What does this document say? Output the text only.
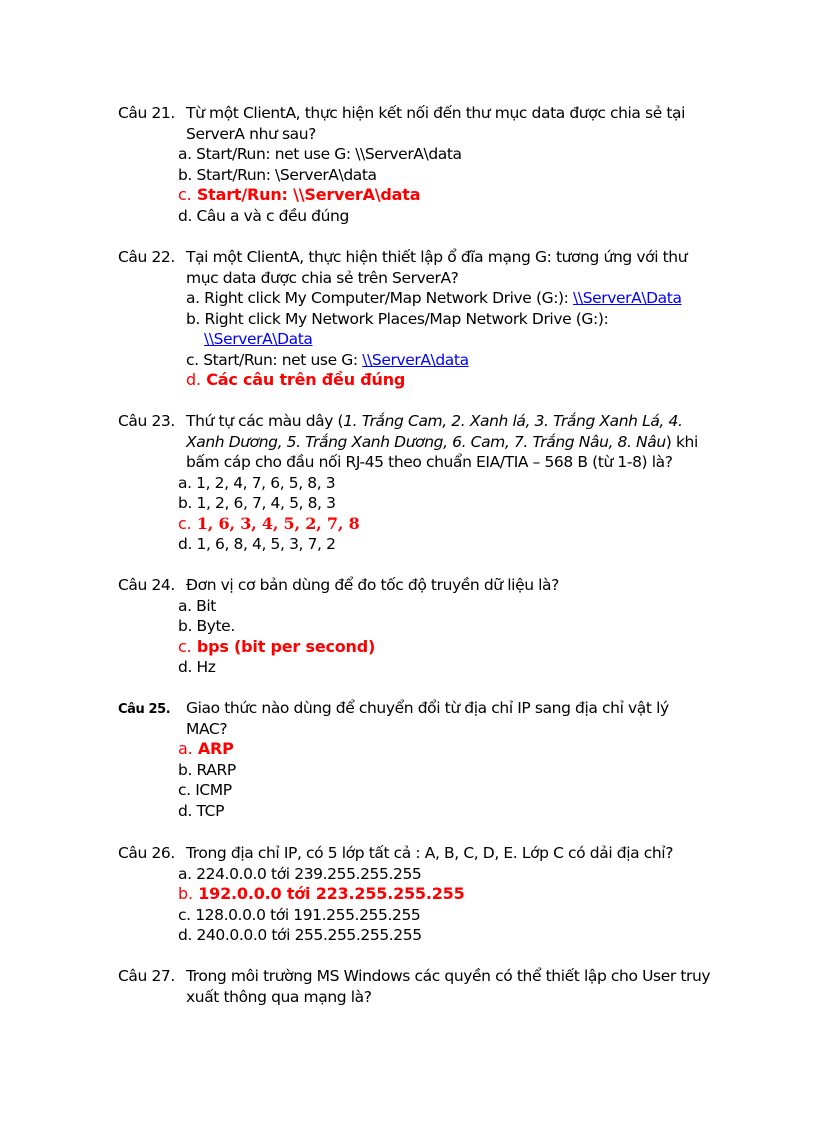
Câu 21. Từ một ClientA, thực hiện kết nối đến thư mục data được chia sẻ tại
ServerA như sau?
a. Start/Run: net use G: \\ServerA\data
b. Start/Run: \ServerA\data
c. Start/Run: \\ServerA\data
d. Câu a và c đều đúng
Câu 22. Tại một ClientA, thực hiện thiết lập ổ đĩa mạng G: tương ứng với thư
mục data được chia sẻ trên ServerA?
a. Right click My Computer/Map Network Drive (G:): \\ServerA\Data
b. Right click My Network Places/Map Network Drive (G:):
\\ServerA\Data
c. Start/Run: net use G: \\ServerA\data
d. Các câu trên đều đúng
Câu 23. Thứ tự các màu dây (1. Trắng Cam, 2. Xanh lá, 3. Trắng Xanh Lá, 4.
Xanh Dương, 5. Trắng Xanh Dương, 6. Cam, 7. Trắng Nâu, 8. Nâu) khi
bấm cáp cho đầu nối RJ-45 theo chuẩn EIA/TIA – 568 B (từ 1-8) là?
a. 1, 2, 4, 7, 6, 5, 8, 3
b. 1, 2, 6, 7, 4, 5, 8, 3
c. 1, 6, 3, 4, 5, 2, 7, 8
d. 1, 6, 8, 4, 5, 3, 7, 2
Câu 24. Đơn vị cơ bản dùng để đo tốc độ truyền dữ liệu là?
a. Bit
b. Byte.
c. bps (bit per second)
d. Hz
Câu 25. Giao thức nào dùng để chuyển đổi từ địa chỉ IP sang địa chỉ vật lý
MAC?
a. ARP
b. RARP
c. ICMP
d. TCP
Câu 26. Trong địa chỉ IP, có 5 lớp tất cả : A, B, C, D, E. Lớp C có dải địa chỉ?
a. 224.0.0.0 tới 239.255.255.255
b. 192.0.0.0 tới 223.255.255.255
c. 128.0.0.0 tới 191.255.255.255
d. 240.0.0.0 tới 255.255.255.255
Câu 27. Trong môi trường MS Windows các quyền có thể thiết lập cho User truy
xuất thông qua mạng là?
